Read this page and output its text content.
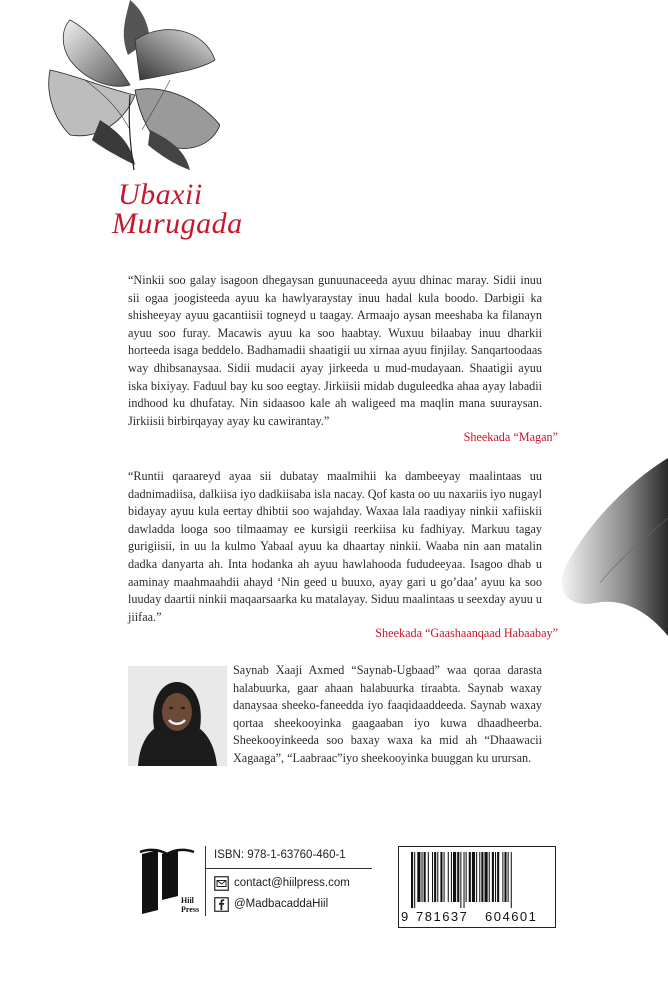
Ubaxii
Murugada
“Ninkii soo galay isagoon dhegaysan gunuunaceeda ayuu dhinac maray. Sidii inuu sii ogaa joogisteeda ayuu ka hawlyaraystay inuu hadal kula boodo. Darbigii ka shisheeyay ayuu gacantiisii togneyd u taagay. Armaajo aysan meeshaba ka filanayn ayuu soo furay. Macawis ayuu ka soo haabtay. Wuxuu bilaabay inuu dharkii horteeda isaga beddelo. Badhamadii shaatigii uu xirnaa ayuu finjilay. Sanqartoodaas way dhibsanaysaa. Sidii mudacii ayay jirkeeda u mud-mudayaan. Shaatigii ayuu iska bixiyay. Faduul bay ku soo eegtay. Jirkiisii midab duguleedka ahaa ayay labadii indhood ku dhufatay. Nin sidaasoo kale ah waligeed ma maqlin mana suuraysan. Jirkiisii birbirqayay ayay ku cawirantay.”
Sheekada “Magan”
“Runtii qaraareyd ayaa sii dubatay maalmihii ka dambeeyay maalintaas uu dadnimadiisa, dalkiisa iyo dadkiisaba isla nacay. Qof kasta oo uu naxariis iyo nugayl bidayay ayuu kula eertay dhibtii soo wajahday. Waxaa lala raadiyay ninkii xafiiskii dawladda looga soo tilmaamay ee kursigii reerkiisa ku fadhiyay. Markuu tagay gurigiisii, in uu la kulmo Yabaal ayuu ka dhaartay ninkii. Waaba nin aan matalin dadka danyarta ah. Inta hodanka ah ayuu hawlahooda fududeeyaa. Isagoo dhab u aaminay maahmaahdii ahayd ‘Nin geed u buuxo, ayay gari u go’daa’ ayuu ka soo luuday daartii ninkii maqaarsaarka ku matalayay. Siduu maalintaas u seexday ayuu u jiifaa.”
Sheekada “Gaashaanqaad Habaabay”
Saynab Xaaji Axmed “Saynab-Ugbaad” waa qoraa darasta halabuurka, gaar ahaan halabuurka tiraabta. Saynab waxay danaysaa sheeko-faneedda iyo faaqidaaddeeda. Saynab waxay qortaa sheekooyinka gaagaaban iyo kuwa dhaadheerba. Sheekooyinkeeda soo baxay waxa ka mid ah “Dhaawacii Xagaaga”, “Laabraac”iyo sheekooyinka buuggan ku urursan.
Hiil
Press
ISBN: 978-1-63760-460-1
contact@hiilpress.com
@MadbacaddaHiil
9 781637 604601
